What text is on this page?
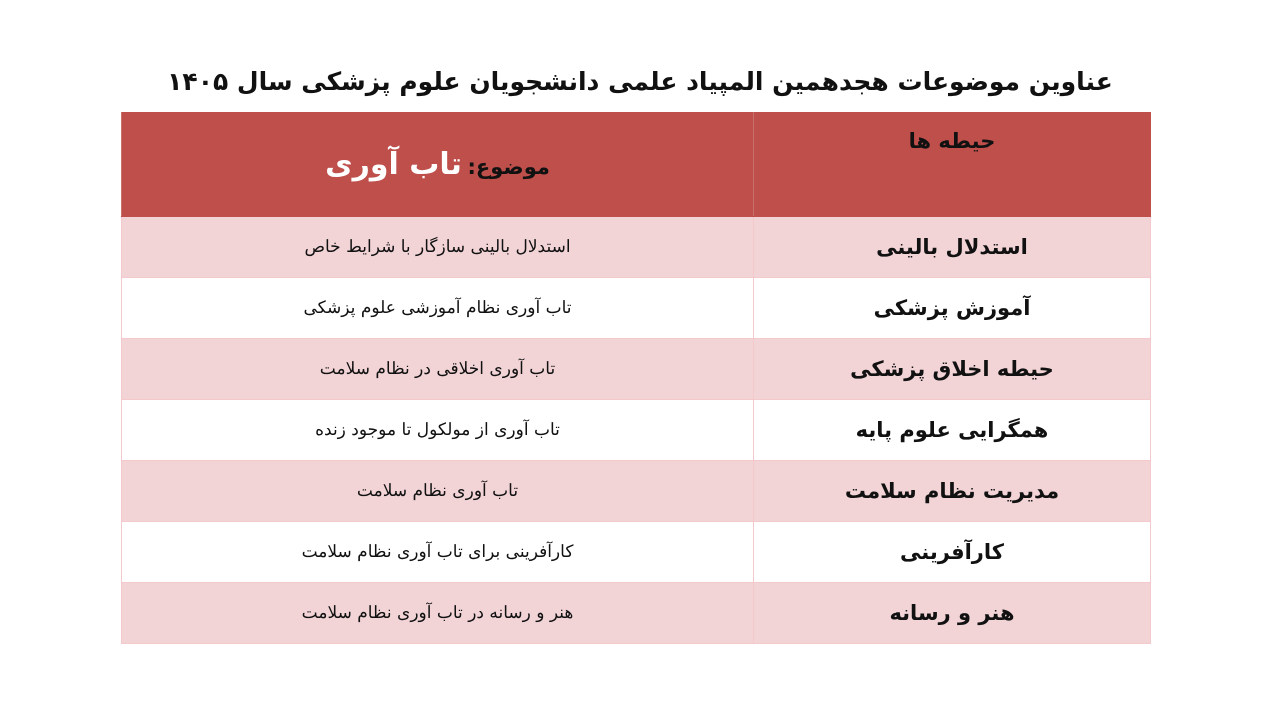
عناوین موضوعات هجدهمین المپیاد علمی دانشجویان علوم پزشکی سال ۱۴۰۵
حیطه ها	موضوع: تاب آوری
استدلال بالینی	استدلال بالینی سازگار با شرایط خاص
آموزش پزشکی	تاب آوری نظام آموزشی علوم پزشکی
حیطه اخلاق پزشکی	تاب آوری اخلاقی در نظام سلامت
همگرایی علوم پایه	تاب آوری از مولکول تا موجود زنده
مدیریت نظام سلامت	تاب آوری نظام سلامت
کارآفرینی	کارآفرینی برای تاب آوری نظام سلامت
هنر و رسانه	هنر و رسانه در تاب آوری نظام سلامت
